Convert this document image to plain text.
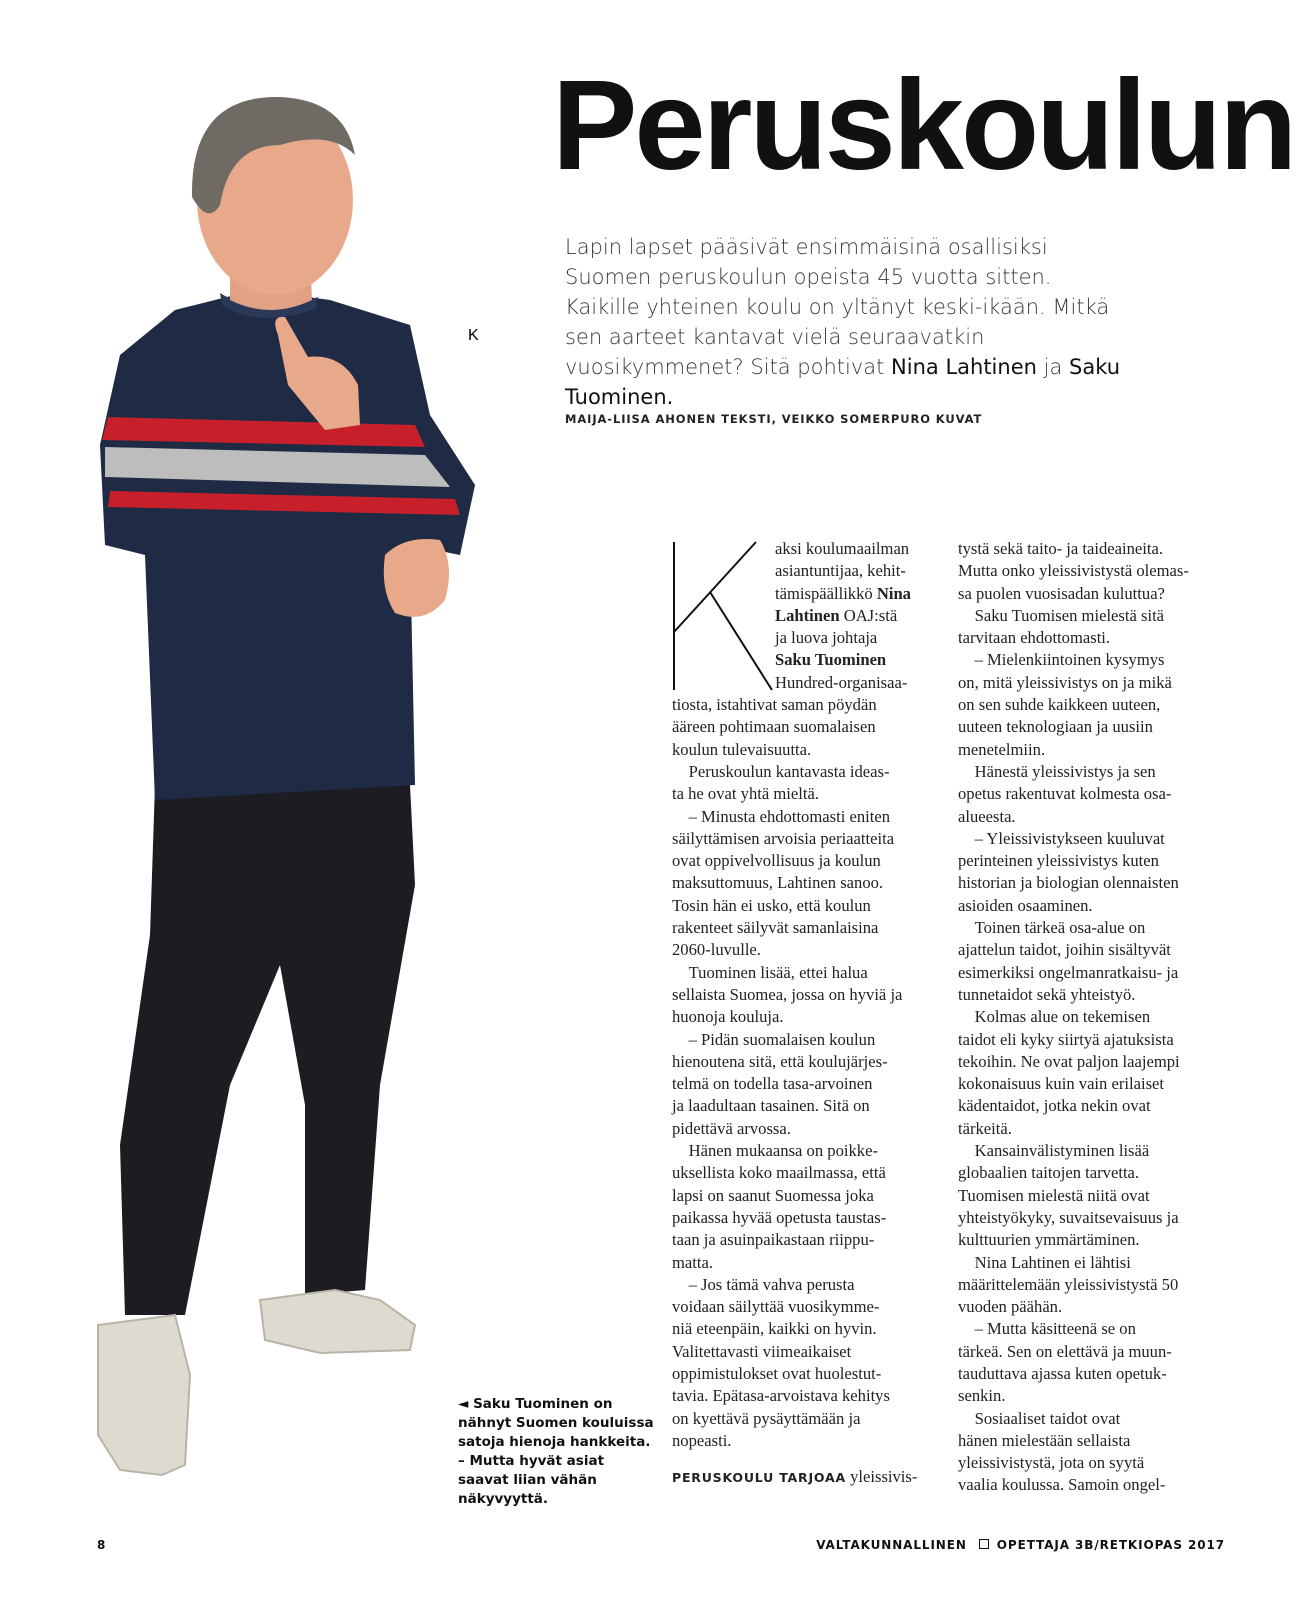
Peruskoulun

Lapin lapset pääsivät ensimmäisinä osallisiksi Suomen peruskoulun opeista 45 vuotta sitten. Kaikille yhteinen koulu on yltänyt keski-ikään. Mitkä sen aarteet kantavat vielä seuraavatkin vuosikymmenet? Sitä pohtivat Nina Lahtinen ja Saku Tuominen.

MAIJA-LIISA AHONEN TEKSTI, VEIKKO SOMERPURO KUVAT

◄ Saku Tuominen on nähnyt Suomen kouluissa satoja hienoja hankkeita. – Mutta hyvät asiat saavat liian vähän näkyvyyttä.

K
aksi koulumaailman
asiantuntijaa, kehit-
tämispäällikkö Nina
Lahtinen OAJ:stä
ja luova johtaja
Saku Tuominen
Hundred-organisaa-
tiosta, istahtivat saman pöydän
ääreen pohtimaan suomalaisen
koulun tulevaisuutta.
Peruskoulun kantavasta ideas-
ta he ovat yhtä mieltä.
– Minusta ehdottomasti eniten
säilyttämisen arvoisia periaatteita
ovat oppivelvollisuus ja koulun
maksuttomuus, Lahtinen sanoo.
Tosin hän ei usko, että koulun
rakenteet säilyvät samanlaisina
2060-luvulle.
Tuominen lisää, ettei halua
sellaista Suomea, jossa on hyviä ja
huonoja kouluja.
– Pidän suomalaisen koulun
hienoutena sitä, että koulujärjes-
telmä on todella tasa-arvoinen
ja laadultaan tasainen. Sitä on
pidettävä arvossa.
Hänen mukaansa on poikke-
uksellista koko maailmassa, että
lapsi on saanut Suomessa joka
paikassa hyvää opetusta taustas-
taan ja asuinpaikastaan riippu-
matta.
– Jos tämä vahva perusta
voidaan säilyttää vuosikymme-
niä eteenpäin, kaikki on hyvin.
Valitettavasti viimeaikaiset
oppimistulokset ovat huolestut-
tavia. Epätasa-arvoistava kehitys
on kyettävä pysäyttämään ja
nopeasti.
PERUSKOULU TARJOAA yleissivis-
tystä sekä taito- ja taideaineita.
Mutta onko yleissivistystä olemas-
sa puolen vuosisadan kuluttua?
Saku Tuomisen mielestä sitä
tarvitaan ehdottomasti.
– Mielenkiintoinen kysymys
on, mitä yleissivistys on ja mikä
on sen suhde kaikkeen uuteen,
uuteen teknologiaan ja uusiin
menetelmiin.
Hänestä yleissivistys ja sen
opetus rakentuvat kolmesta osa-
alueesta.
– Yleissivistykseen kuuluvat
perinteinen yleissivistys kuten
historian ja biologian olennaisten
asioiden osaaminen.
Toinen tärkeä osa-alue on
ajattelun taidot, joihin sisältyvät
esimerkiksi ongelmanratkaisu- ja
tunnetaidot sekä yhteistyö.
Kolmas alue on tekemisen
taidot eli kyky siirtyä ajatuksista
tekoihin. Ne ovat paljon laajempi
kokonaisuus kuin vain erilaiset
kädentaidot, jotka nekin ovat
tärkeitä.
Kansainvälistyminen lisää
globaalien taitojen tarvetta.
Tuomisen mielestä niitä ovat
yhteistyökyky, suvaitsevaisuus ja
kulttuurien ymmärtäminen.
Nina Lahtinen ei lähtisi
määrittelemään yleissivistystä 50
vuoden päähän.
– Mutta käsitteenä se on
tärkeä. Sen on elettävä ja muun-
tauduttava ajassa kuten opetuk-
senkin.
Sosiaaliset taidot ovat
hänen mielestään sellaista
yleissivistystä, jota on syytä
vaalia koulussa. Samoin ongel-

8	VALTAKUNNALLINEN	OPETTAJA 3B/RETKIOPAS 2017
